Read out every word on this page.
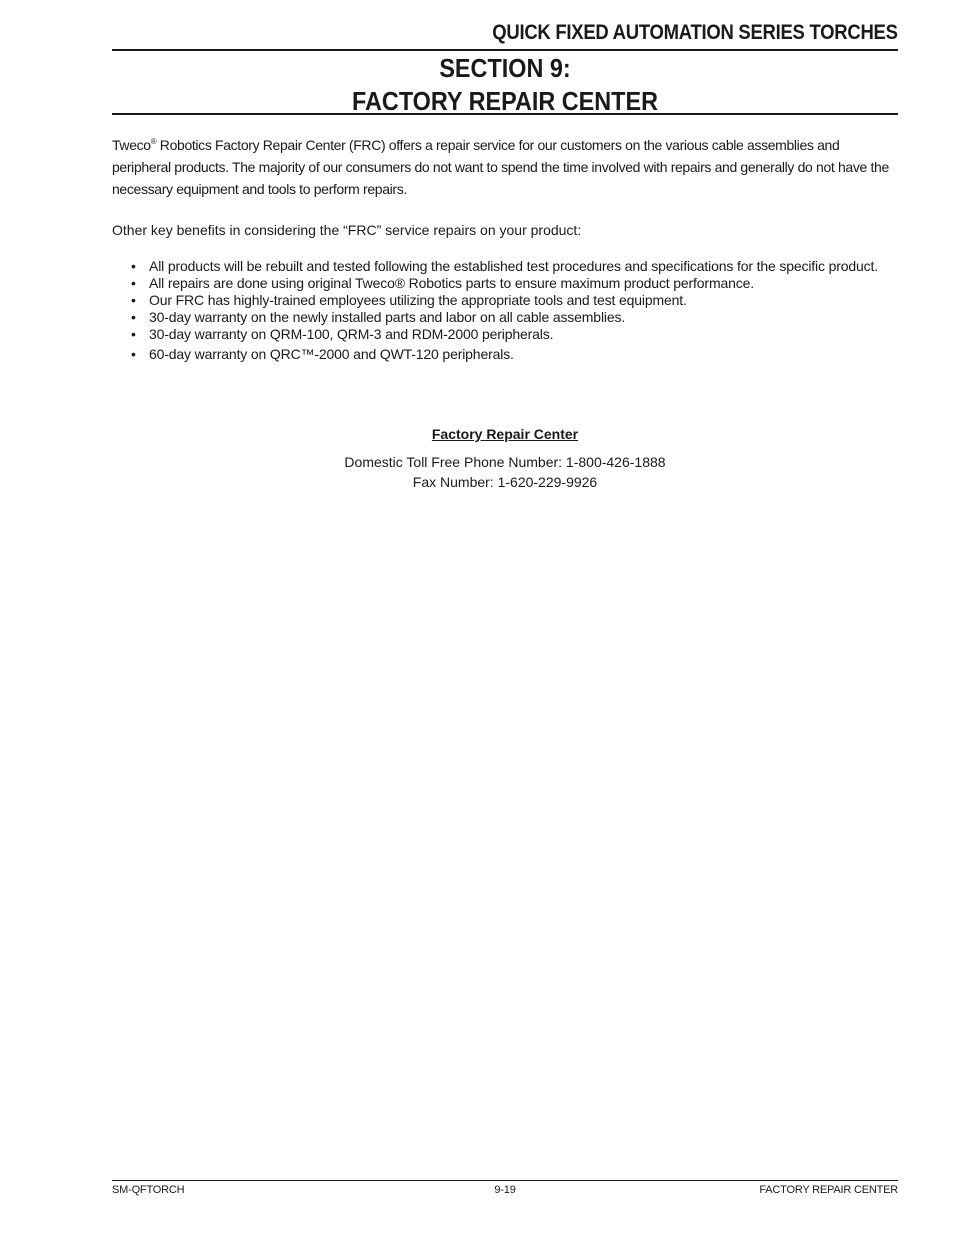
QUICK FIXED AUTOMATION SERIES TORCHES
SECTION 9:
FACTORY REPAIR CENTER

Tweco® Robotics Factory Repair Center (FRC) offers a repair service for our customers on the various cable assemblies and peripheral products. The majority of our consumers do not want to spend the time involved with repairs and generally do not have the necessary equipment and tools to perform repairs.

Other key benefits in considering the “FRC” service repairs on your product:

• All products will be rebuilt and tested following the established test procedures and specifications for the specific product.
• All repairs are done using original Tweco® Robotics parts to ensure maximum product performance.
• Our FRC has highly-trained employees utilizing the appropriate tools and test equipment.
• 30-day warranty on the newly installed parts and labor on all cable assemblies.
• 30-day warranty on QRM-100, QRM-3 and RDM-2000 peripherals.
• 60-day warranty on QRC™-2000 and QWT-120 peripherals.
Factory Repair Center
Domestic Toll Free Phone Number: 1-800-426-1888
Fax Number: 1-620-229-9926
SM-QFTORCH	9-19	FACTORY REPAIR CENTER
